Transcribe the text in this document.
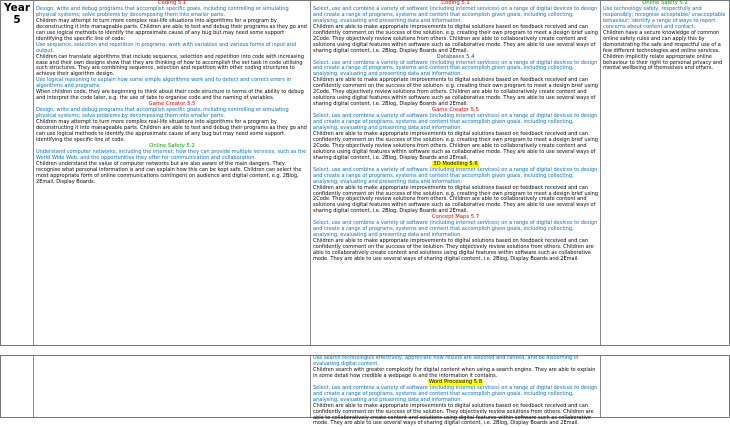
Year 5

Coding 5.1

Design, write and debug programs that accomplish specific goals, including controlling or simulating physical systems; solve problems by decomposing them into smaller parts.

Children may attempt to turn more complex real-life situations into algorithms for a program by deconstructing it into manageable parts. Children are able to test and debug their programs as they go and can use logical methods to identify the approximate cause of any bug but may need some support identifying the specific line of code.

Use sequence, selection and repetition in programs; work with variables and various forms of input and output.

Children can translate algorithms that include sequence, selection and repetition into code with increasing ease and their own designs show that they are thinking of how to accomplish the set task in code utilising such structures. They are combining sequence, selection and repetition with other coding structures to achieve their algorithm design.

Use logical reasoning to explain how some simple algorithms work and to detect and correct errors in algorithms and programs.

When children code, they are beginning to think about their code structure in terms of the ability to debug and interpret the code later, e.g. the use of tabs to organise code and the naming of variables.

Game Creator 5.5

Design, write and debug programs that accomplish specific goals, including controlling or simulating physical systems; solve problems by decomposing them into smaller parts.

Children may attempt to turn more complex real-life situations into algorithms for a program by deconstructing it into manageable parts. Children are able to test and debug their programs as they go and can use logical methods to identify the approximate cause of any bug but may need some support identifying the specific line of code.

Online Safety 5.2

Understand computer networks, including the internet; how they can provide multiple services, such as the World Wide Web, and the opportunities they offer for communication and collaboration.

Children understand the value of computer networks but are also aware of the main dangers. They recognise what personal information is and can explain how this can be kept safe. Children can select the most appropriate form of online communications contingent on audience and digital content, e.g. 2Blog, 2Email, Display Boards.

Coding 5.1

Select, use and combine a variety of software (including internet services) on a range of digital devices to design and create a range of programs, systems and content that accomplish given goals, including collecting, analysing, evaluating and presenting data and information.

Children are able to make appropriate improvements to digital solutions based on feedback received and can confidently comment on the success of the solution. e.g. creating their own program to meet a design brief using 2Code. They objectively review solutions from others. Children are able to collaboratively create content and solutions using digital features within software such as collaborative mode. They are able to use several ways of sharing digital content, i.e. 2Blog, Display Boards and 2Email.

Databases 5.4

Select, use and combine a variety of software (including internet services) on a range of digital devices to design and create a range of programs, systems and content that accomplish given goals, including collecting, analysing, evaluating and presenting data and information.

Children are able to make appropriate improvements to digital solutions based on feedback received and can confidently comment on the success of the solution. e.g. creating their own program to meet a design brief using 2Code. They objectively review solutions from others. Children are able to collaboratively create content and solutions using digital features within software such as collaborative mode. They are able to use several ways of sharing digital content, i.e. 2Blog, Display Boards and 2Email.

Game Creator 5.5

Select, use and combine a variety of software (including internet services) on a range of digital devices to design and create a range of programs, systems and content that accomplish given goals, including collecting, analysing, evaluating and presenting data and information.

Children are able to make appropriate improvements to digital solutions based on feedback received and can confidently comment on the success of the solution. e.g. creating their own program to meet a design brief using 2Code. They objectively review solutions from others. Children are able to collaboratively create content and solutions using digital features within software such as collaborative mode. They are able to use several ways of sharing digital content, i.e. 2Blog, Display Boards and 2Email.

3D Modelling 5.6

Select, use and combine a variety of software (including internet services) on a range of digital devices to design and create a range of programs, systems and content that accomplish given goals, including collecting, analysing, evaluating and presenting data and information.

Children are able to make appropriate improvements to digital solutions based on feedback received and can confidently comment on the success of the solution. e.g. creating their own program to meet a design brief using 2Code. They objectively review solutions from others. Children are able to collaboratively create content and solutions using digital features within software such as collaborative mode. They are able to use several ways of sharing digital content, i.e. 2Blog, Display Boards and 2Email.

Concept Maps 5.7

Select, use and combine a variety of software (including internet services) on a range of digital devices to design and create a range of programs, systems and content that accomplish given goals, including collecting, analysing, evaluating and presenting data and information.

Children are able to make appropriate improvements to digital solutions based on feedback received and can confidently comment on the success of the solution. They objectively review solutions from others. Children are able to collaboratively create content and solutions using digital features within software such as collaborative mode. They are able to use several ways of sharing digital content, i.e. 2Blog, Display Boards and 2Email.

Online Safety 5.2

Use technology safely, respectfully and responsibly; recognise acceptable/ unacceptable behaviour; identify a range of ways to report concerns about content and contact.

Children have a secure knowledge of common online safety rules and can apply this by demonstrating the safe and respectful use of a few different technologies and online services. Children implicitly relate appropriate online behaviour to their right to personal privacy and mental wellbeing of themselves and others.

Use search technologies effectively, appreciate how results are selected and ranked, and be discerning in evaluating digital content.

Children search with greater complexity for digital content when using a search engine. They are able to explain in some detail how credible a webpage is and the information it contains.

Word Processing 5.8

Select, use and combine a variety of software (including internet services) on a range of digital devices to design and create a range of programs, systems and content that accomplish given goals, including collecting, analysing, evaluating and presenting data and information.

Children are able to make appropriate improvements to digital solutions based on feedback received and can confidently comment on the success of the solution. They objectively review solutions from others. Children are able to collaboratively create content and solutions using digital features within software such as collaborative mode. They are able to use several ways of sharing digital content, i.e. 2Blog, Display Boards and 2Email.
